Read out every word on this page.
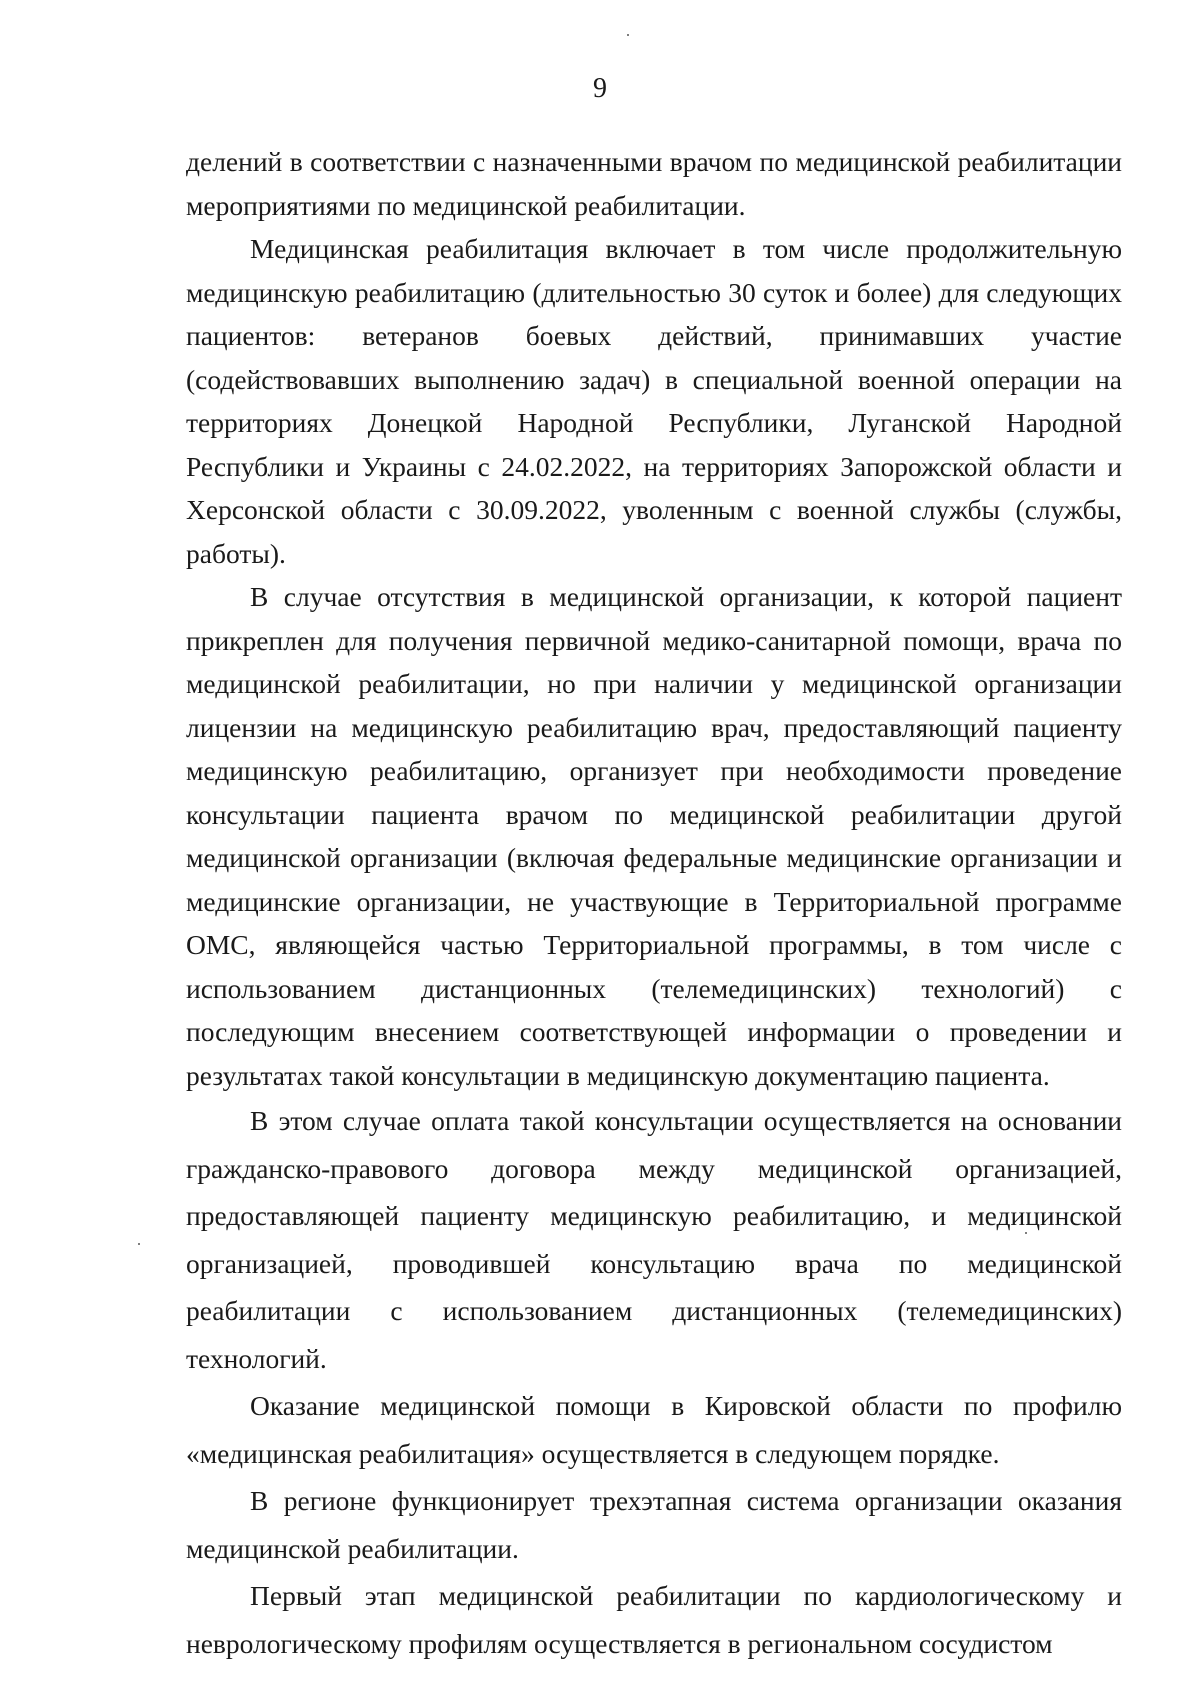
9

делений в соответствии с назначенными врачом по медицинской реабилитации мероприятиями по медицинской реабилитации.

Медицинская реабилитация включает в том числе продолжительную медицинскую реабилитацию (длительностью 30 суток и более) для следующих пациентов: ветеранов боевых действий, принимавших участие (содействовавших выполнению задач) в специальной военной операции на территориях Донецкой Народной Республики, Луганской Народной Республики и Украины с 24.02.2022, на территориях Запорожской области и Херсонской области с 30.09.2022, уволенным с военной службы (службы, работы).

В случае отсутствия в медицинской организации, к которой пациент прикреплен для получения первичной медико-санитарной помощи, врача по медицинской реабилитации, но при наличии у медицинской организации лицензии на медицинскую реабилитацию врач, предоставляющий пациенту медицинскую реабилитацию, организует при необходимости проведение консультации пациента врачом по медицинской реабилитации другой медицинской организации (включая федеральные медицинские организации и медицинские организации, не участвующие в Территориальной программе ОМС, являющейся частью Территориальной программы, в том числе с использованием дистанционных (телемедицинских) технологий) с последующим внесением соответствующей информации о проведении и результатах такой консультации в медицинскую документацию пациента.

В этом случае оплата такой консультации осуществляется на основании гражданско-правового договора между медицинской организацией, предоставляющей пациенту медицинскую реабилитацию, и медицинской организацией, проводившей консультацию врача по медицинской реабилитации с использованием дистанционных (телемедицинских) технологий.

Оказание медицинской помощи в Кировской области по профилю «медицинская реабилитация» осуществляется в следующем порядке.

В регионе функционирует трехэтапная система организации оказания медицинской реабилитации.

Первый этап медицинской реабилитации по кардиологическому и неврологическому профилям осуществляется в региональном сосудистом
